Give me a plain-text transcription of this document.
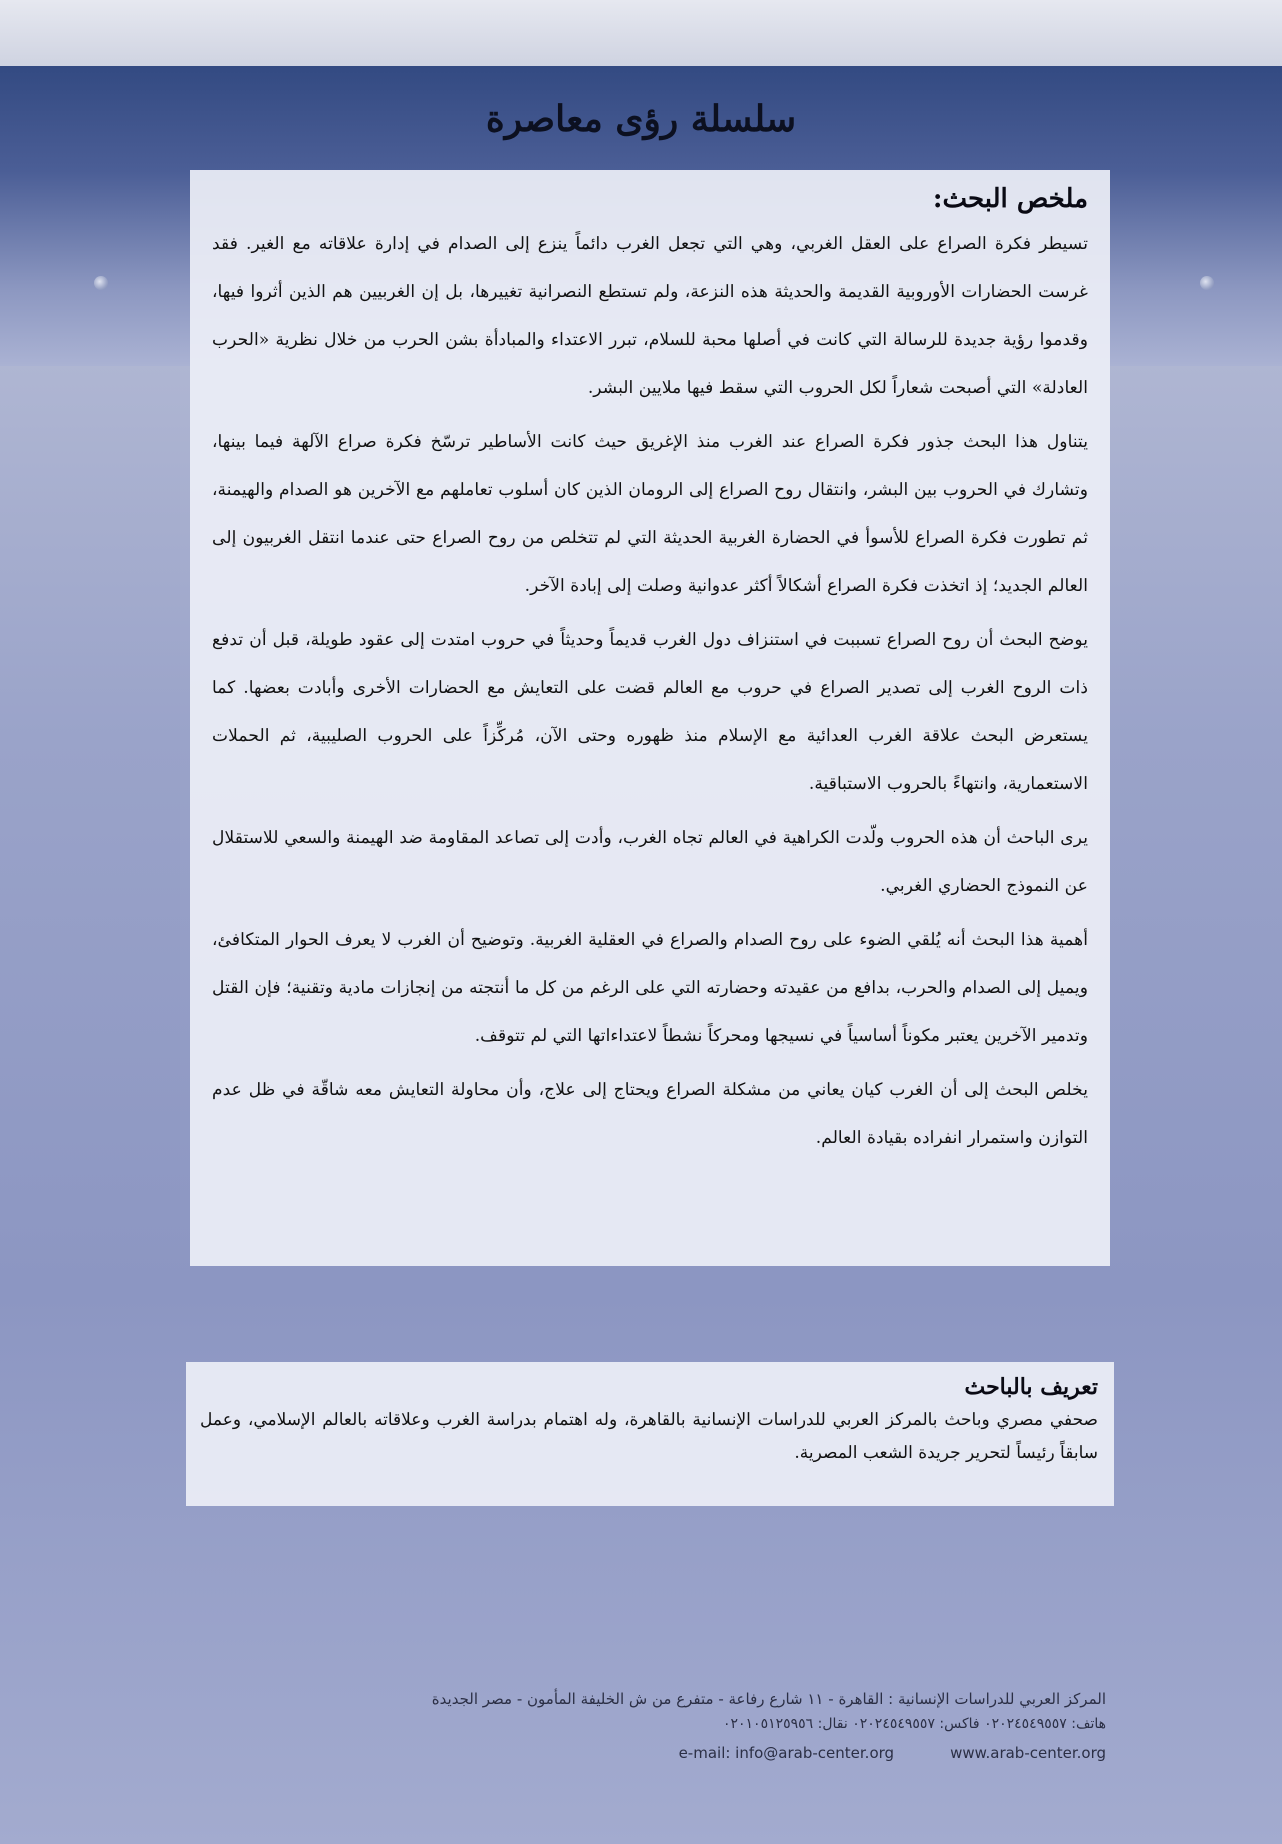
سلسلة رؤى معاصرة
ملخص البحث:

تسيطر فكرة الصراع على العقل الغربي، وهي التي تجعل الغرب دائماً ينزع إلى الصدام في إدارة علاقاته مع الغير. فقد غرست الحضارات الأوروبية القديمة والحديثة هذه النزعة، ولم تستطع النصرانية تغييرها، بل إن الغربيين هم الذين أثروا فيها، وقدموا رؤية جديدة للرسالة التي كانت في أصلها محبة للسلام، تبرر الاعتداء والمبادأة بشن الحرب من خلال نظرية «الحرب العادلة» التي أصبحت شعاراً لكل الحروب التي سقط فيها ملايين البشر.

يتناول هذا البحث جذور فكرة الصراع عند الغرب منذ الإغريق حيث كانت الأساطير ترسّخ فكرة صراع الآلهة فيما بينها، وتشارك في الحروب بين البشر، وانتقال روح الصراع إلى الرومان الذين كان أسلوب تعاملهم مع الآخرين هو الصدام والهيمنة، ثم تطورت فكرة الصراع للأسوأ في الحضارة الغربية الحديثة التي لم تتخلص من روح الصراع حتى عندما انتقل الغربيون إلى العالم الجديد؛ إذ اتخذت فكرة الصراع أشكالاً أكثر عدوانية وصلت إلى إبادة الآخر.

يوضح البحث أن روح الصراع تسببت في استنزاف دول الغرب قديماً وحديثاً في حروب امتدت إلى عقود طويلة، قبل أن تدفع ذات الروح الغرب إلى تصدير الصراع في حروب مع العالم قضت على التعايش مع الحضارات الأخرى وأبادت بعضها. كما يستعرض البحث علاقة الغرب العدائية مع الإسلام منذ ظهوره وحتى الآن، مُركِّزاً على الحروب الصليبية، ثم الحملات الاستعمارية، وانتهاءً بالحروب الاستباقية.

يرى الباحث أن هذه الحروب ولّدت الكراهية في العالم تجاه الغرب، وأدت إلى تصاعد المقاومة ضد الهيمنة والسعي للاستقلال عن النموذج الحضاري الغربي.

أهمية هذا البحث أنه يُلقي الضوء على روح الصدام والصراع في العقلية الغربية. وتوضيح أن الغرب لا يعرف الحوار المتكافئ، ويميل إلى الصدام والحرب، بدافع من عقيدته وحضارته التي على الرغم من كل ما أنتجته من إنجازات مادية وتقنية؛ فإن القتل وتدمير الآخرين يعتبر مكوناً أساسياً في نسيجها ومحركاً نشطاً لاعتداءاتها التي لم تتوقف.

يخلص البحث إلى أن الغرب كيان يعاني من مشكلة الصراع ويحتاج إلى علاج، وأن محاولة التعايش معه شاقّة في ظل عدم التوازن واستمرار انفراده بقيادة العالم.

تعريف بالباحث

صحفي مصري وباحث بالمركز العربي للدراسات الإنسانية بالقاهرة، وله اهتمام بدراسة الغرب وعلاقاته بالعالم الإسلامي، وعمل سابقاً رئيساً لتحرير جريدة الشعب المصرية.

المركز العربي للدراسات الإنسانية : القاهرة - ١١ شارع رفاعة - متفرع من ش الخليفة المأمون - مصر الجديدة
هاتف: ٠٢٠٢٤٥٤٩٥٥٧ فاكس: ٠٢٠٢٤٥٤٩٥٥٧ نقال: ٠٢٠١٠٥١٢٥٩٥٦
e-mail: info@arab-center.org	www.arab-center.org
